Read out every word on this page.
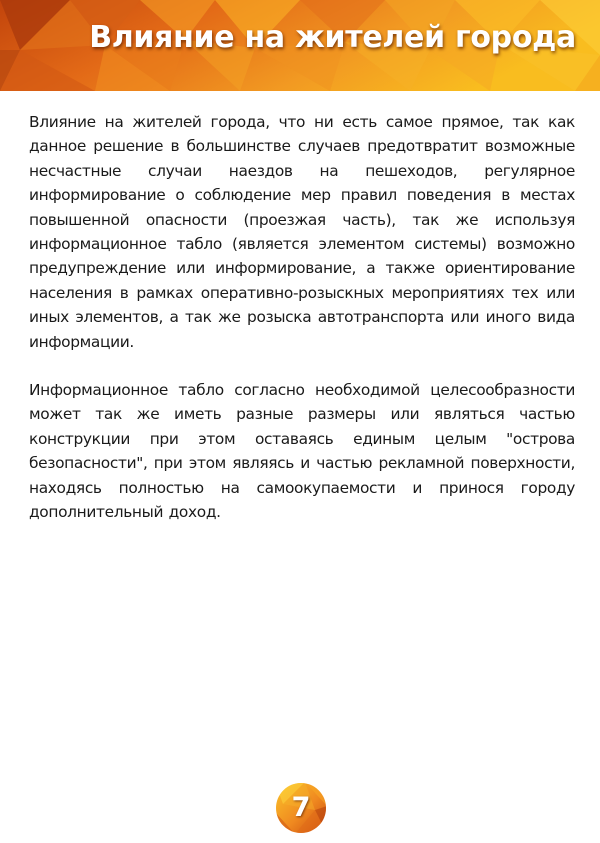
Влияние на жителей города

Влияние на жителей города, что ни есть самое прямое, так как данное решение в большинстве случаев предотвратит возможные несчастные случаи наездов на пешеходов, регулярное информирование о соблюдение мер правил поведения в местах повышенной опасности (проезжая часть), так же используя информационное табло (является элементом системы) возможно предупреждение или информирование, а также ориентирование населения в рамках оперативно-розыскных мероприятиях тех или иных элементов, а так же розыска автотранспорта или иного вида информации.

Информационное табло согласно необходимой целесообразности может так же иметь разные размеры или являться частью конструкции при этом оставаясь единым целым "острова безопасности", при этом являясь и частью рекламной поверхности, находясь полностью на самоокупаемости и принося городу дополнительный доход.

7
